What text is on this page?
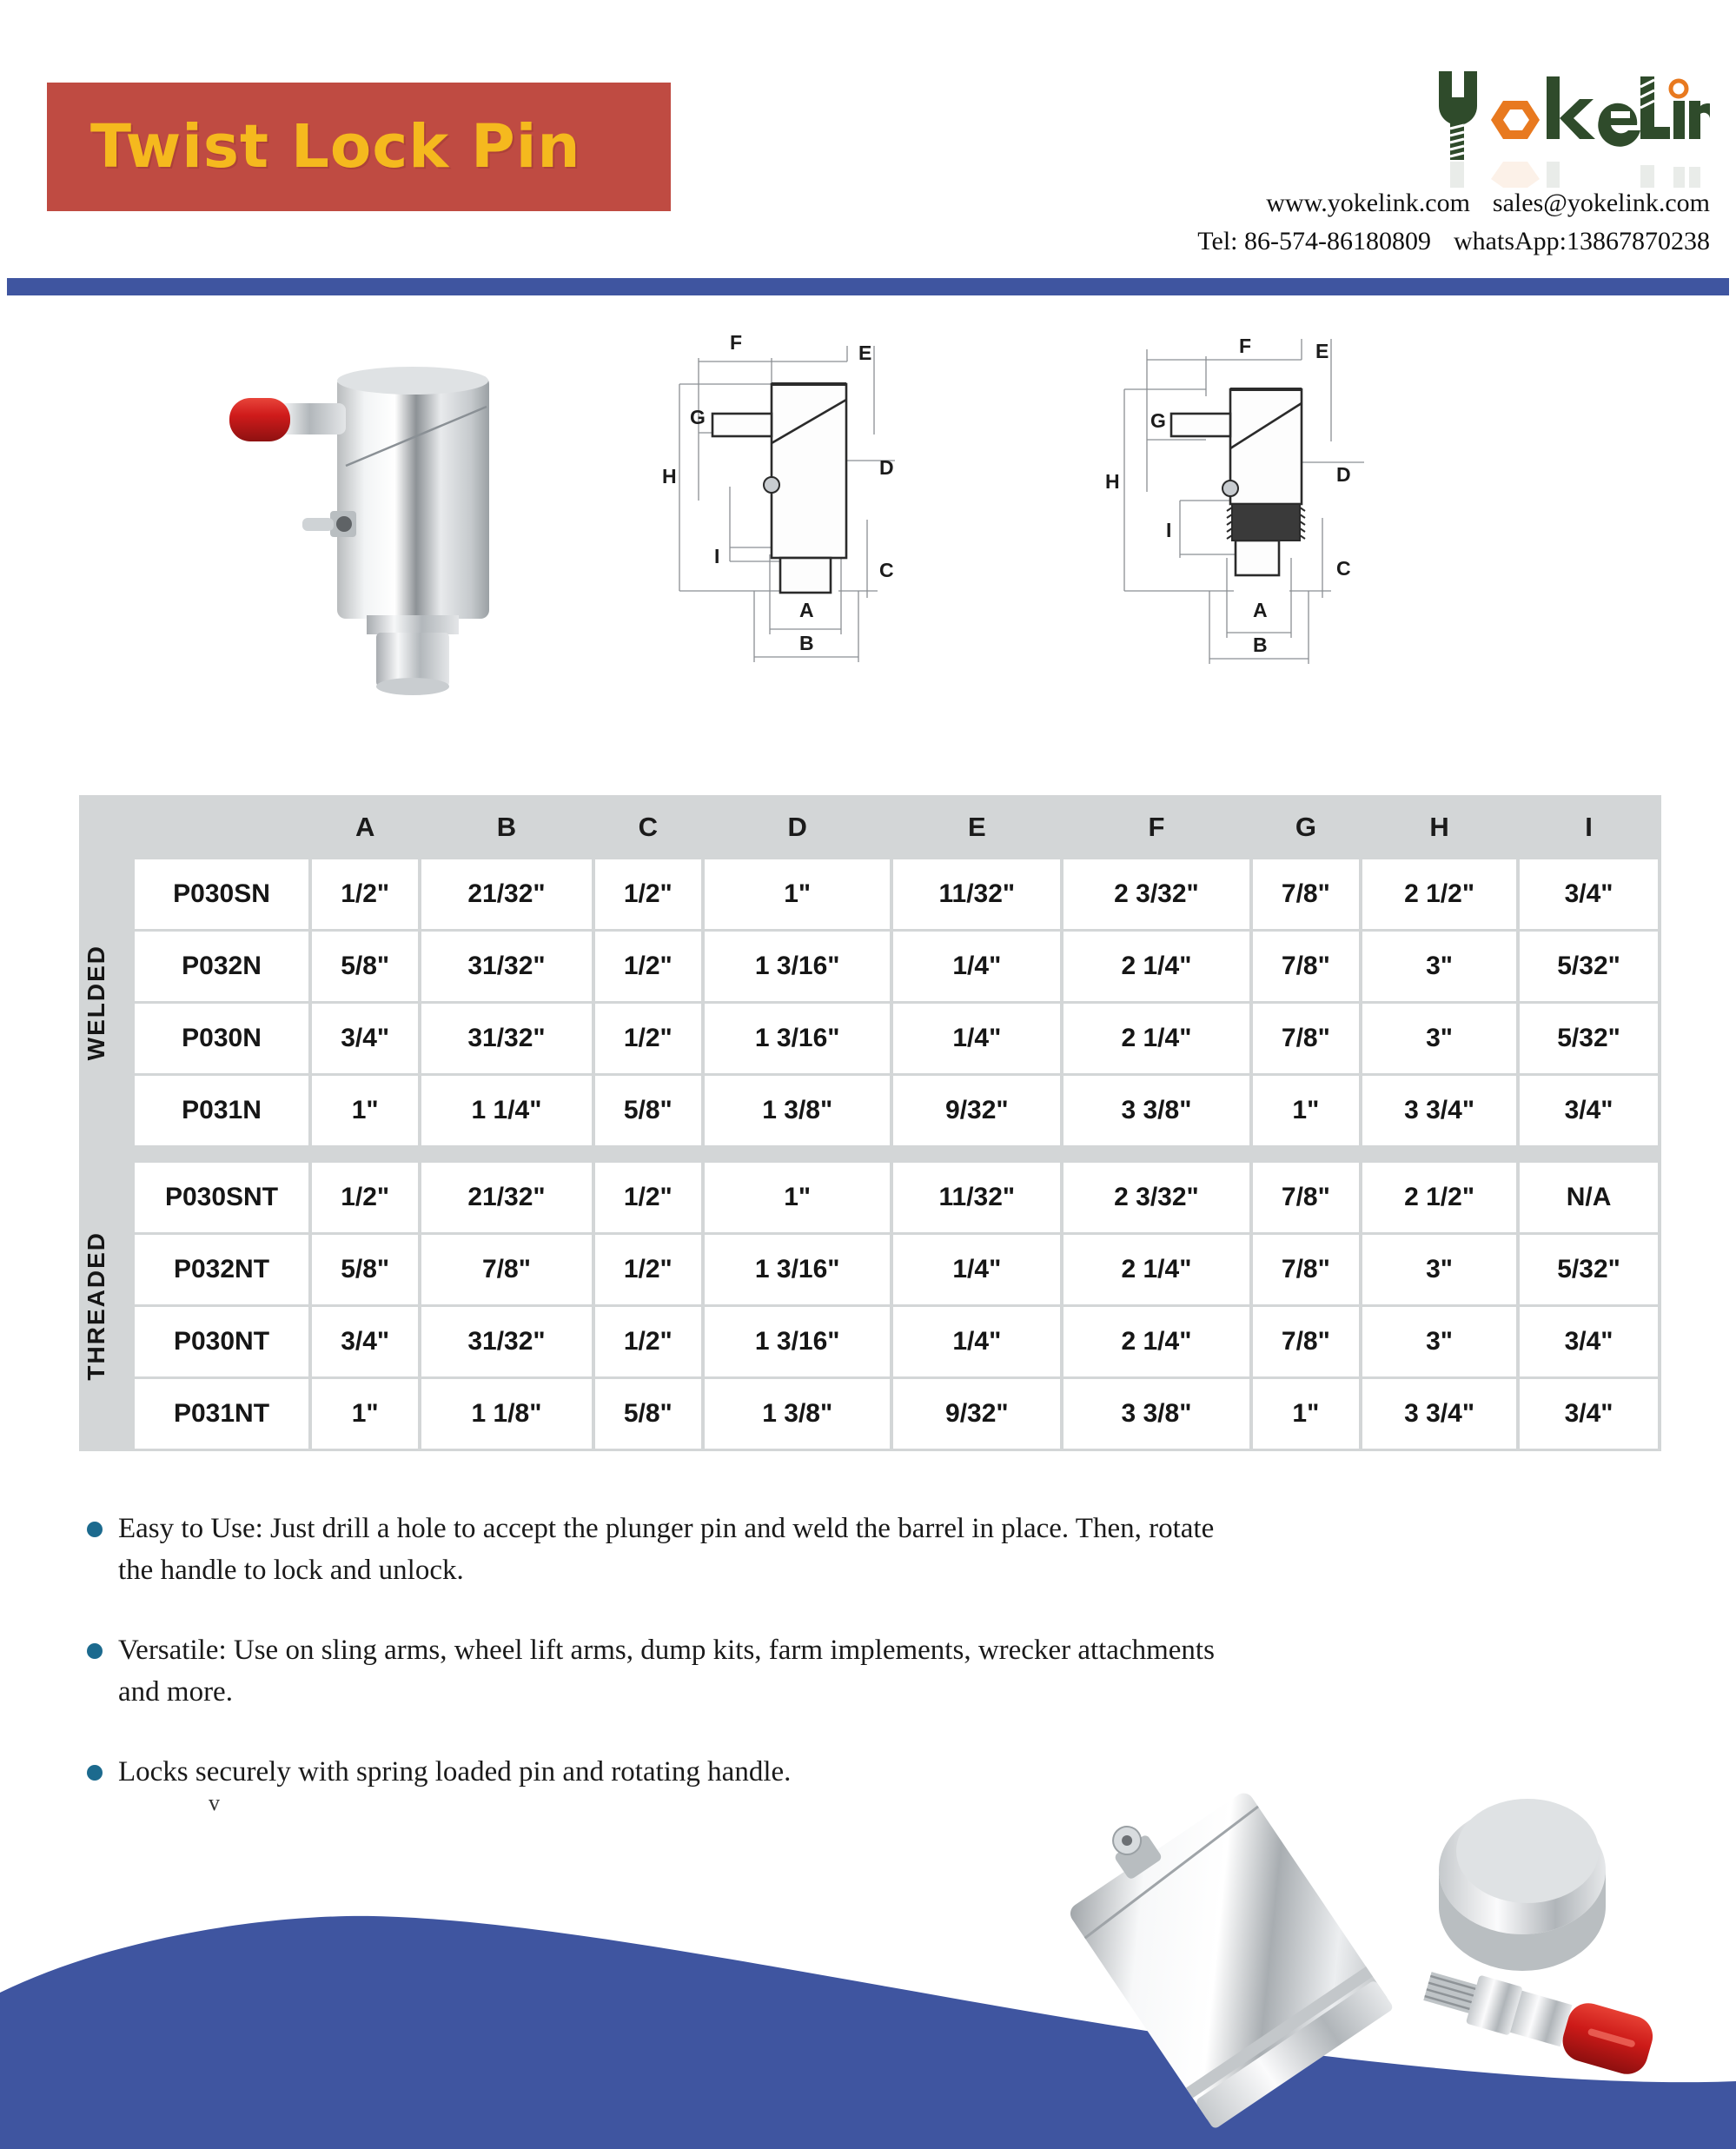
Twist Lock Pin
www.yokelink.com sales@yokelink.com
Tel: 86-574-86180809 whatsApp:13867870238
F	E
G
H	D
I
C
A
B
F	E
G
H	D
I
C
A
B
		A	B	C	D	E	F	G	H	I

WELDED	P030SN	1/2"	21/32"	1/2"	1"	11/32"	2 3/32"	7/8"	2 1/2"	3/4"
	P032N	5/8"	31/32"	1/2"	1 3/16"	1/4"	2 1/4"	7/8"	3"	5/32"
	P030N	3/4"	31/32"	1/2"	1 3/16"	1/4"	2 1/4"	7/8"	3"	5/32"
	P031N	1"	1 1/4"	5/8"	1 3/8"	9/32"	3 3/8"	1"	3 3/4"	3/4"

THREADED	P030SNT	1/2"	21/32"	1/2"	1"	11/32"	2 3/32"	7/8"	2 1/2"	N/A
	P032NT	5/8"	7/8"	1/2"	1 3/16"	1/4"	2 1/4"	7/8"	3"	5/32"
	P030NT	3/4"	31/32"	1/2"	1 3/16"	1/4"	2 1/4"	7/8"	3"	3/4"
	P031NT	1"	1 1/8"	5/8"	1 3/8"	9/32"	3 3/8"	1"	3 3/4"	3/4"
Easy to Use: Just drill a hole to accept the plunger pin and weld the barrel in place. Then, rotate the handle to lock and unlock.
Versatile: Use on sling arms, wheel lift arms, dump kits, farm implements, wrecker attachments and more.
Locks securely with spring loaded pin and rotating handle.
v
